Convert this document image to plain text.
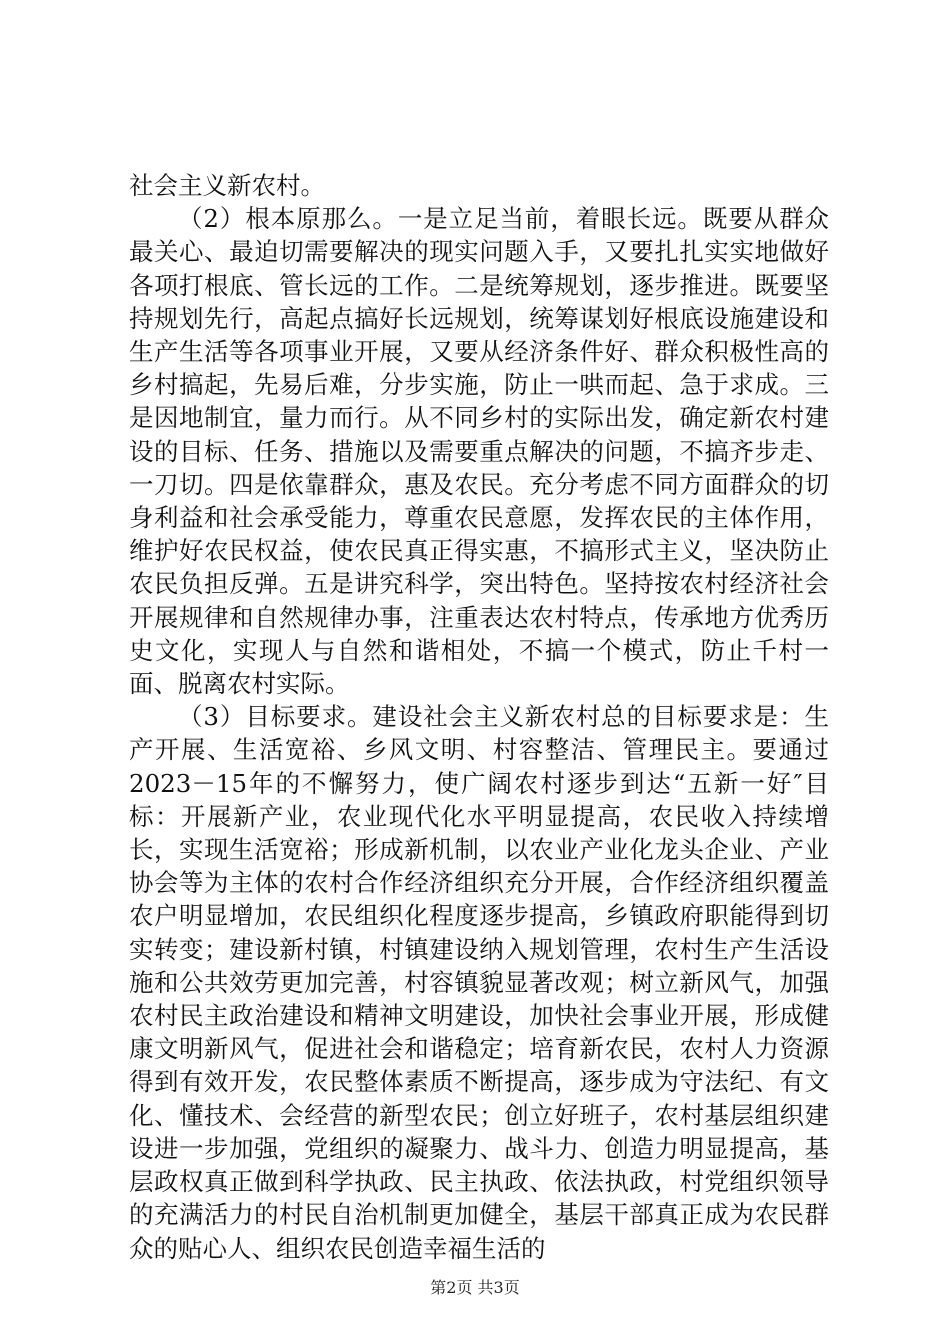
社会主义新农村。

（2）根本原那么。一是立足当前，着眼长远。既要从群众最关心、最迫切需要解决的现实问题入手，又要扎扎实实地做好各项打根底、管长远的工作。二是统筹规划，逐步推进。既要坚持规划先行，高起点搞好长远规划，统筹谋划好根底设施建设和生产生活等各项事业开展，又要从经济条件好、群众积极性高的乡村搞起，先易后难，分步实施，防止一哄而起、急于求成。三是因地制宜，量力而行。从不同乡村的实际出发，确定新农村建设的目标、任务、措施以及需要重点解决的问题，不搞齐步走、一刀切。四是依靠群众，惠及农民。充分考虑不同方面群众的切身利益和社会承受能力，尊重农民意愿，发挥农民的主体作用，维护好农民权益，使农民真正得实惠，不搞形式主义，坚决防止农民负担反弹。五是讲究科学，突出特色。坚持按农村经济社会开展规律和自然规律办事，注重表达农村特点，传承地方优秀历史文化，实现人与自然和谐相处，不搞一个模式，防止千村一面、脱离农村实际。

（3）目标要求。建设社会主义新农村总的目标要求是：生产开展、生活宽裕、乡风文明、村容整洁、管理民主。要通过2023－15年的不懈努力，使广阔农村逐步到达“五新一好″目标：开展新产业，农业现代化水平明显提高，农民收入持续增长，实现生活宽裕；形成新机制，以农业产业化龙头企业、产业协会等为主体的农村合作经济组织充分开展，合作经济组织覆盖农户明显增加，农民组织化程度逐步提高，乡镇政府职能得到切实转变；建设新村镇，村镇建设纳入规划管理，农村生产生活设施和公共效劳更加完善，村容镇貌显著改观；树立新风气，加强农村民主政治建设和精神文明建设，加快社会事业开展，形成健康文明新风气，促进社会和谐稳定；培育新农民，农村人力资源得到有效开发，农民整体素质不断提高，逐步成为守法纪、有文化、懂技术、会经营的新型农民；创立好班子，农村基层组织建设进一步加强，党组织的凝聚力、战斗力、创造力明显提高，基层政权真正做到科学执政、民主执政、依法执政，村党组织领导的充满活力的村民自治机制更加健全，基层干部真正成为农民群众的贴心人、组织农民创造幸福生活的

第2页 共3页
